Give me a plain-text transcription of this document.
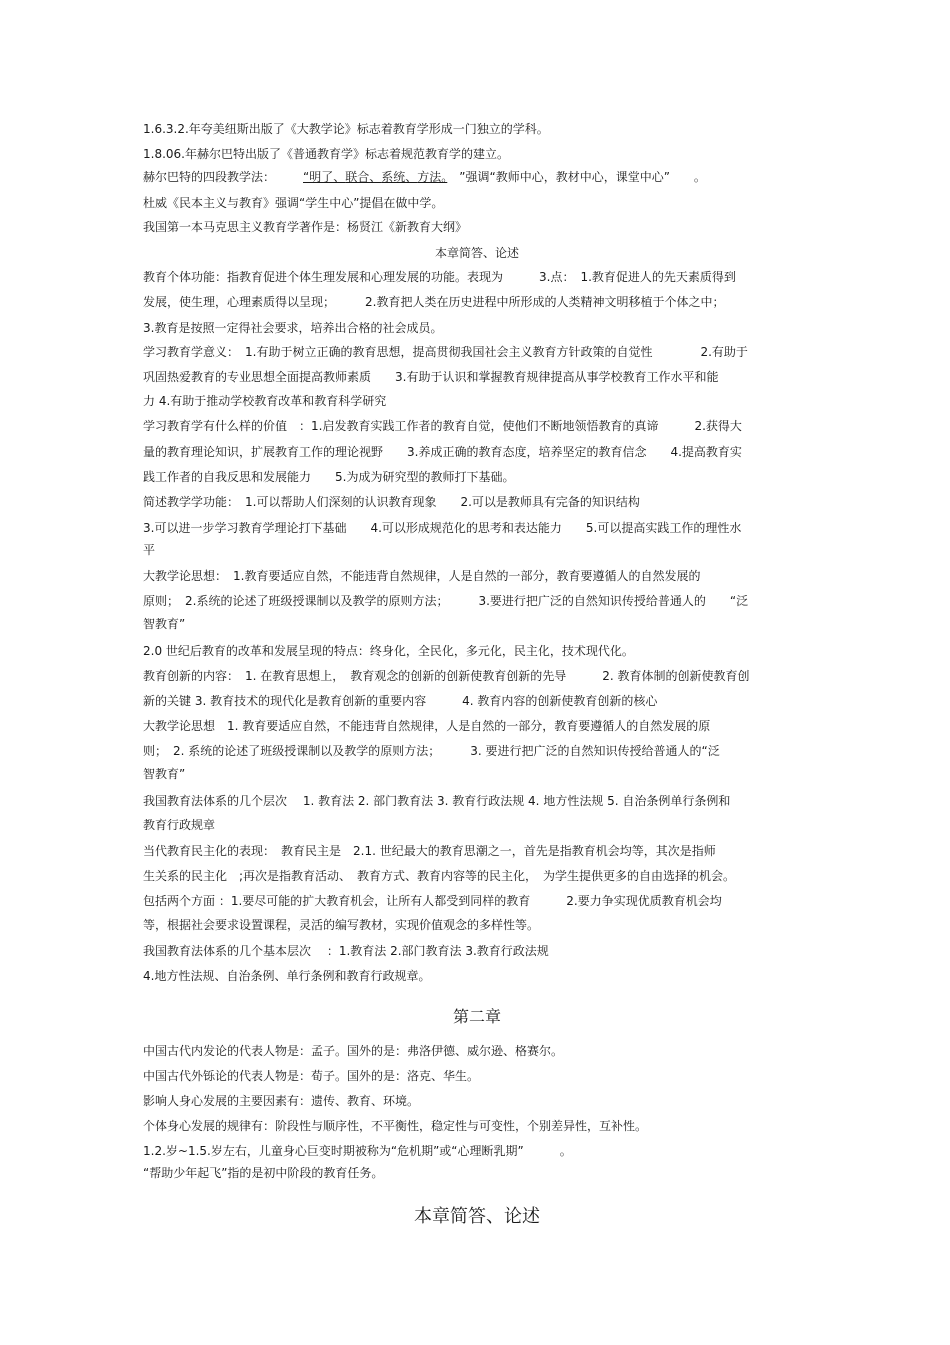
1.6.3.2.年夸美纽斯出版了《大教学论》标志着教育学形成一门独立的学科。
1.8.06.年赫尔巴特出版了《普通教育学》标志着规范教育学的建立。
赫尔巴特的四段教学法： “明了、联合、系统、方法。　”强调“教师中心，教材中心，课堂中心”　　。
杜威《民本主义与教育》强调“学生中心”提倡在做中学。
我国第一本马克思主义教育学著作是：杨贤江《新教育大纲》
本章简答、论述
教育个体功能：指教育促进个体生理发展和心理发展的功能。表现为　　　3.点：　1.教育促进人的先天素质得到
发展，使生理，心理素质得以呈现；　　　2.教育把人类在历史进程中所形成的人类精神文明移植于个体之中；
3.教育是按照一定得社会要求，培养出合格的社会成员。
学习教育学意义：　1.有助于树立正确的教育思想，提高贯彻我国社会主义教育方针政策的自觉性　　　　2.有助于
巩固热爱教育的专业思想全面提高教师素质　　3.有助于认识和掌握教育规律提高从事学校教育工作水平和能
力 4.有助于推动学校教育改革和教育科学研究
学习教育学有什么样的价值　：1.启发教育实践工作者的教育自觉，使他们不断地领悟教育的真谛　　　2.获得大
量的教育理论知识，扩展教育工作的理论视野　　3.养成正确的教育态度，培养坚定的教育信念　　4.提高教育实
践工作者的自我反思和发展能力　　5.为成为研究型的教师打下基础。
简述教学学功能：　1.可以帮助人们深刻的认识教育现象　　2.可以是教师具有完备的知识结构
3.可以进一步学习教育学理论打下基础　　4.可以形成规范化的思考和表达能力　　5.可以提高实践工作的理性水
平
大教学论思想：　1.教育要适应自然，不能违背自然规律，人是自然的一部分，教育要遵循人的自然发展的
原则；　2.系统的论述了班级授课制以及教学的原则方法；　　　3.要进行把广泛的自然知识传授给普通人的　　“泛
智教育”
2.0 世纪后教育的改革和发展呈现的特点：终身化，全民化，多元化，民主化，技术现代化。
教育创新的内容：　1. 在教育思想上，　教育观念的创新的创新使教育创新的先导　　　2. 教育体制的创新使教育创
新的关键 3. 教育技术的现代化是教育创新的重要内容　　　4. 教育内容的创新使教育创新的核心
大教学论思想　1. 教育要适应自然，不能违背自然规律，人是自然的一部分，教育要遵循人的自然发展的原
则；　2. 系统的论述了班级授课制以及教学的原则方法；　　　3. 要进行把广泛的自然知识传授给普通人的“泛
智教育”
我国教育法体系的几个层次　 1. 教育法 2. 部门教育法 3. 教育行政法规 4. 地方性法规 5. 自治条例单行条例和
教育行政规章
当代教育民主化的表现：　教育民主是　2.1. 世纪最大的教育思潮之一，首先是指教育机会均等，其次是指师
生关系的民主化　;再次是指教育活动、　教育方式、教育内容等的民主化，　为学生提供更多的自由选择的机会。
包括两个方面 ：1.要尽可能的扩大教育机会，让所有人都受到同样的教育　　　2.要力争实现优质教育机会均
等，根据社会要求设置课程，灵活的编写教材，实现价值观念的多样性等。
我国教育法体系的几个基本层次　 ：1.教育法 2.部门教育法 3.教育行政法规
4.地方性法规、自治条例、单行条例和教育行政规章。
第二章
中国古代内发论的代表人物是：孟子。国外的是：弗洛伊德、威尔逊、格赛尔。
中国古代外铄论的代表人物是：荀子。国外的是：洛克、华生。
影响人身心发展的主要因素有：遗传、教育、环境。
个体身心发展的规律有：阶段性与顺序性，不平衡性，稳定性与可变性，个别差异性，互补性。
1.2.岁~1.5.岁左右，儿童身心巨变时期被称为“危机期”或“心理断乳期”　　　。
“帮助少年起飞”指的是初中阶段的教育任务。
本章简答、论述
